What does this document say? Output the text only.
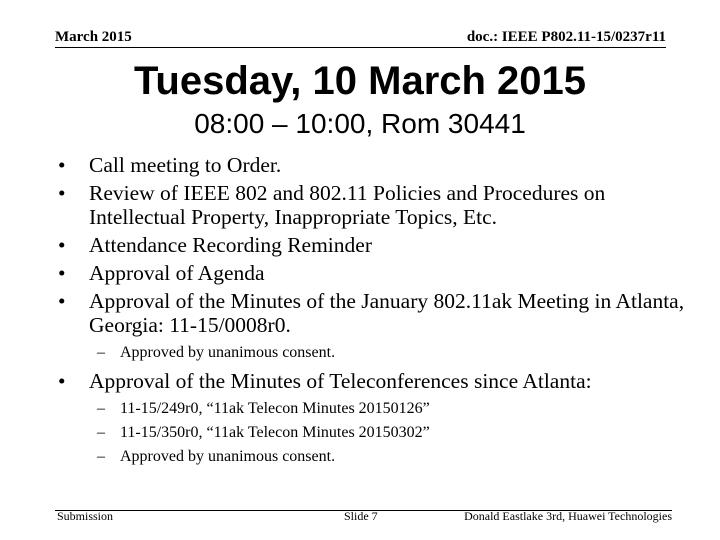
March 2015	doc.: IEEE P802.11-15/0237r11
Tuesday, 10 March 2015
08:00 – 10:00, Rom 30441
• Call meeting to Order.
• Review of IEEE 802 and 802.11 Policies and Procedures on Intellectual Property, Inappropriate Topics, Etc.
• Attendance Recording Reminder
• Approval of Agenda
• Approval of the Minutes of the January 802.11ak Meeting in Atlanta, Georgia: 11-15/0008r0.
– Approved by unanimous consent.
• Approval of the Minutes of Teleconferences since Atlanta:
– 11-15/249r0, “11ak Telecon Minutes 20150126”
– 11-15/350r0, “11ak Telecon Minutes 20150302”
– Approved by unanimous consent.
Submission	Slide 7	Donald Eastlake 3rd, Huawei Technologies
